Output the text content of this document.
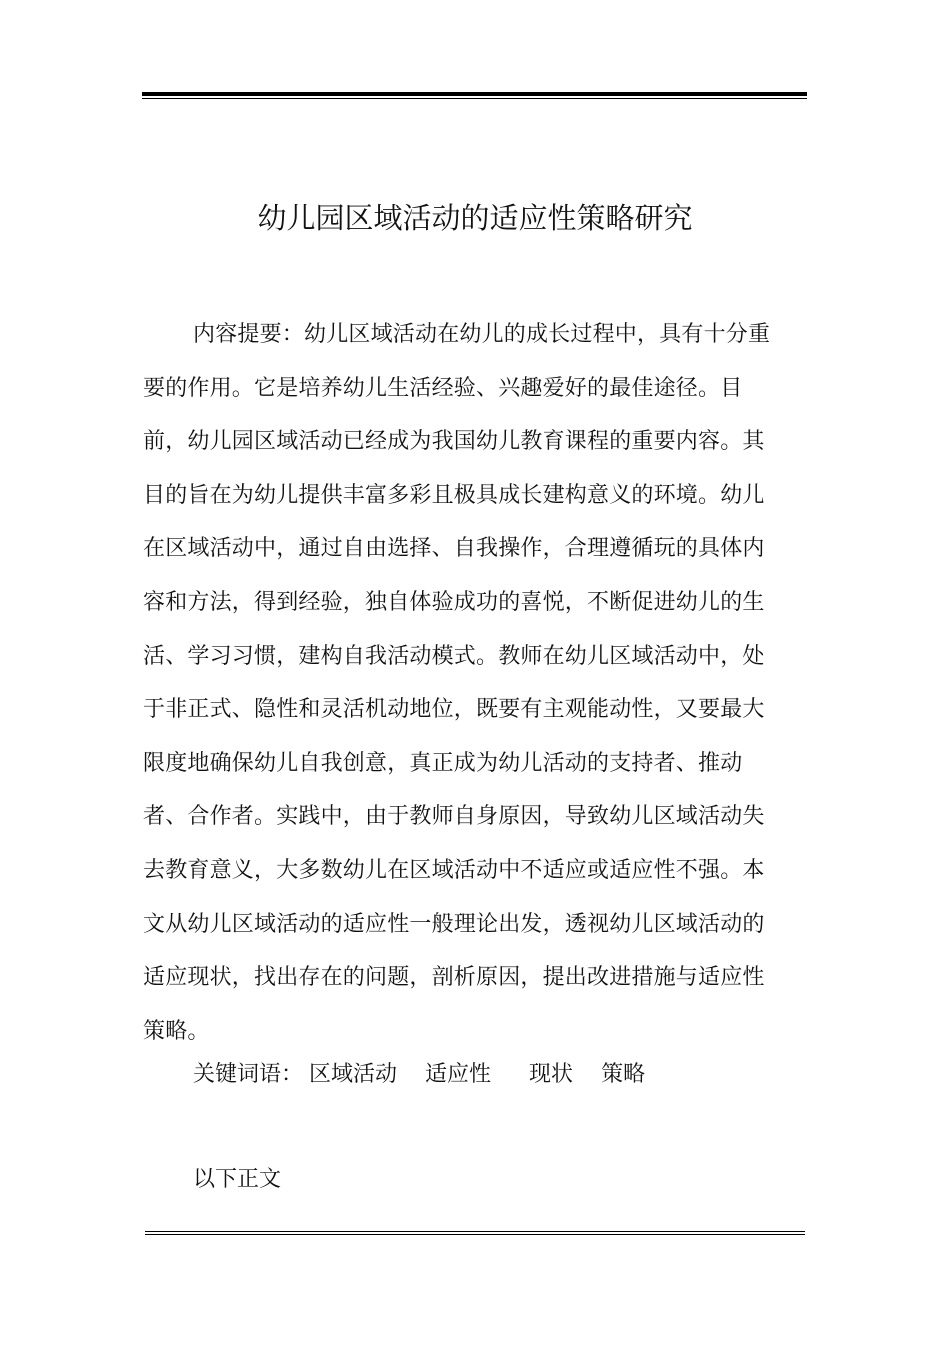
幼儿园区域活动的适应性策略研究

内容提要：幼儿区域活动在幼儿的成长过程中，具有十分重要的作用。它是培养幼儿生活经验、兴趣爱好的最佳途径。目前，幼儿园区域活动已经成为我国幼儿教育课程的重要内容。其目的旨在为幼儿提供丰富多彩且极具成长建构意义的环境。幼儿在区域活动中，通过自由选择、自我操作，合理遵循玩的具体内容和方法，得到经验，独自体验成功的喜悦，不断促进幼儿的生活、学习习惯，建构自我活动模式。教师在幼儿区域活动中，处于非正式、隐性和灵活机动地位，既要有主观能动性，又要最大限度地确保幼儿自我创意，真正成为幼儿活动的支持者、推动者、合作者。实践中，由于教师自身原因，导致幼儿区域活动失去教育意义，大多数幼儿在区域活动中不适应或适应性不强。本文从幼儿区域活动的适应性一般理论出发，透视幼儿区域活动的适应现状，找出存在的问题，剖析原因，提出改进措施与适应性策略。

关键词语： 区域活动 适应性 现状 策略

以下正文
